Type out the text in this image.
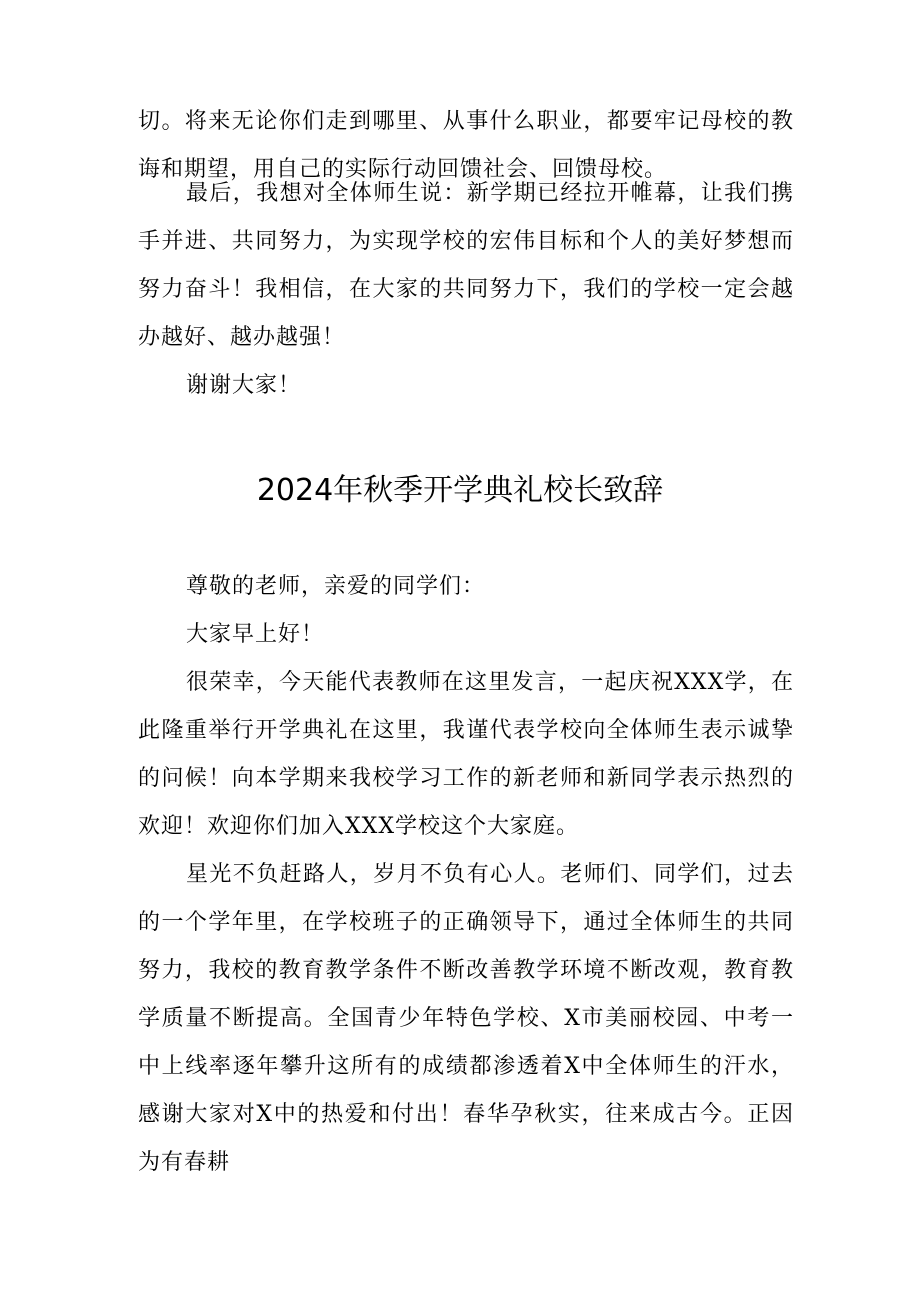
切。将来无论你们走到哪里、从事什么职业，都要牢记母校的教诲和期望，用自己的实际行动回馈社会、回馈母校。

最后，我想对全体师生说：新学期已经拉开帷幕，让我们携手并进、共同努力，为实现学校的宏伟目标和个人的美好梦想而努力奋斗！我相信，在大家的共同努力下，我们的学校一定会越办越好、越办越强！

谢谢大家！

2024年秋季开学典礼校长致辞

尊敬的老师，亲爱的同学们：

大家早上好！

很荣幸，今天能代表教师在这里发言，一起庆祝XXX学，在此隆重举行开学典礼在这里，我谨代表学校向全体师生表示诚挚的问候！向本学期来我校学习工作的新老师和新同学表示热烈的欢迎！欢迎你们加入XXX学校这个大家庭。

星光不负赶路人，岁月不负有心人。老师们、同学们，过去的一个学年里，在学校班子的正确领导下，通过全体师生的共同努力，我校的教育教学条件不断改善教学环境不断改观，教育教学质量不断提高。全国青少年特色学校、X市美丽校园、中考一中上线率逐年攀升这所有的成绩都渗透着X中全体师生的汗水，感谢大家对X中的热爱和付出！春华孕秋实，往来成古今。正因为有春耕
